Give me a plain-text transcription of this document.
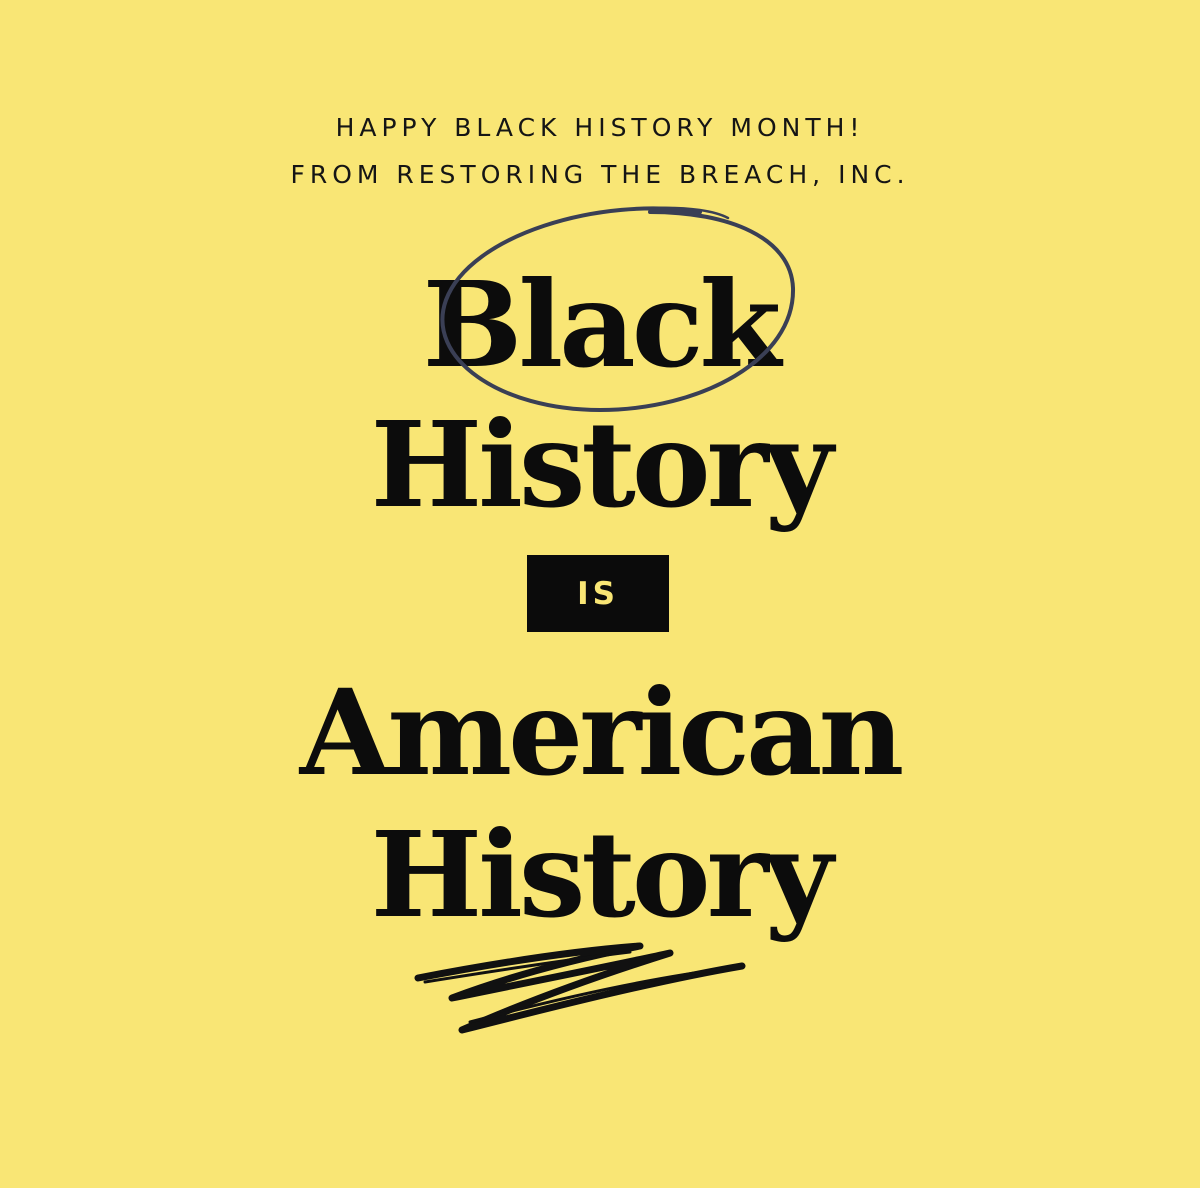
HAPPY BLACK HISTORY MONTH!
FROM RESTORING THE BREACH, INC.
Black
History
IS
American
History
